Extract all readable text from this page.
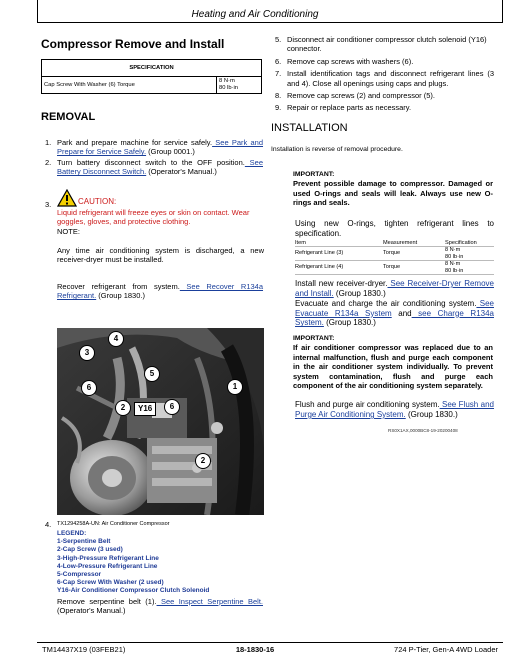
Heating and Air Conditioning
Compressor Remove and Install
SPECIFICATION
Cap Screw With Washer (6) Torque	
8 N·m
80 lb·in
REMOVAL
1. Park and prepare machine for service safely. See Park and Prepare for Service Safely. (Group 0001.)
2. Turn battery disconnect switch to the OFF position. See Battery Disconnect Switch. (Operator's Manual.)
3.	CAUTION:
Liquid refrigerant will freeze eyes or skin on contact. Wear goggles, gloves, and protective clothing.
NOTE:
Any time air conditioning system is discharged, a new receiver-dryer must be installed.
Recover refrigerant from system. See Recover R134a Refrigerant. (Group 1830.)
4
3
5
6
2	Y16	6
1
2
4. TX1294258A-UN: Air Conditioner Compressor
LEGEND:
1-Serpentine Belt
2-Cap Screw (3 used)
3-High-Pressure Refrigerant Line
4-Low-Pressure Refrigerant Line
5-Compressor
6-Cap Screw With Washer (2 used)
Y16-Air Conditioner Compressor Clutch Solenoid
Remove serpentine belt (1). See Inspect Serpentine Belt. (Operator's Manual.)
5. Disconnect air conditioner compressor clutch solenoid (Y16) connector.
6. Remove cap screws with washers (6).
7. Install identification tags and disconnect refrigerant lines (3 and 4). Close all openings using caps and plugs.
8. Remove cap screws (2) and compressor (5).
9. Repair or replace parts as necessary.
INSTALLATION
Installation is reverse of removal procedure.
IMPORTANT:
Prevent possible damage to compressor. Damaged or used O-rings and seals will leak. Always use new O-rings and seals.
Using new O-rings, tighten refrigerant lines to specification.
Item	Measurement	Specification
Refrigerant Line (3)	Torque	8 N·m
80 lb·in

Refrigerant Line (4)	Torque	8 N·m
80 lb·in
Install new receiver-dryer. See Receiver-Dryer Remove and Install. (Group 1830.)
Evacuate and charge the air conditioning system. See Evacuate R134a System and see Charge R134a System. (Group 1830.)
IMPORTANT:
If air conditioner compressor was replaced due to an internal malfunction, flush and purge each component in the air conditioner system individually. To prevent system contamination, flush and purge each component of the air conditioning system separately.
Flush and purge air conditioning system. See Flush and Purge Air Conditioning System. (Group 1830.)
RS0X1AX,0000BC8-19-20200408
TM14437X19 (03FEB21)	18-1830-16	724 P-Tier, Gen-A 4WD Loader
